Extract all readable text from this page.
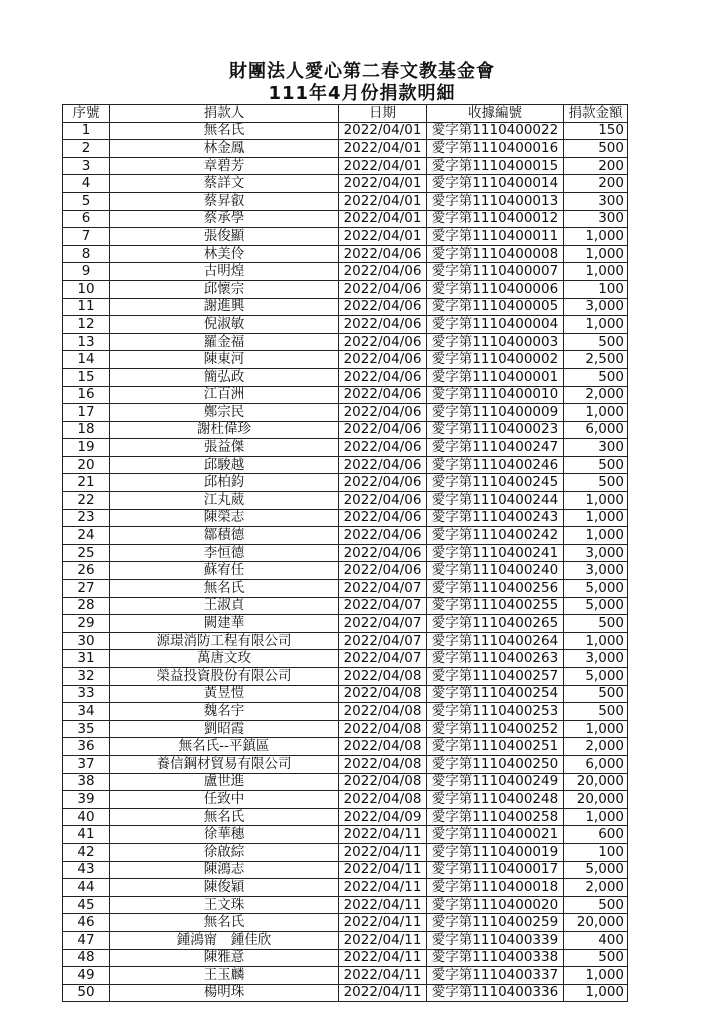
財團法人愛心第二春文教基金會
111年4月份捐款明細
序號	捐款人	日期	收據編號	捐款金額
1	無名氏	2022/04/01	愛字第1110400022	150
2	林金鳳	2022/04/01	愛字第1110400016	500
3	章碧芳	2022/04/01	愛字第1110400015	200
4	蔡詳文	2022/04/01	愛字第1110400014	200
5	蔡昇叡	2022/04/01	愛字第1110400013	300
6	蔡承學	2022/04/01	愛字第1110400012	300
7	張俊顯	2022/04/01	愛字第1110400011	1,000
8	林美伶	2022/04/06	愛字第1110400008	1,000
9	古明煌	2022/04/06	愛字第1110400007	1,000
10	邱懷宗	2022/04/06	愛字第1110400006	100
11	謝進興	2022/04/06	愛字第1110400005	3,000
12	倪淑敏	2022/04/06	愛字第1110400004	1,000
13	羅金福	2022/04/06	愛字第1110400003	500
14	陳東河	2022/04/06	愛字第1110400002	2,500
15	簡弘政	2022/04/06	愛字第1110400001	500
16	江百洲	2022/04/06	愛字第1110400010	2,000
17	鄭宗民	2022/04/06	愛字第1110400009	1,000
18	謝杜偉珍	2022/04/06	愛字第1110400023	6,000
19	張益傑	2022/04/06	愛字第1110400247	300
20	邱駿越	2022/04/06	愛字第1110400246	500
21	邱柏鈞	2022/04/06	愛字第1110400245	500
22	江丸葳	2022/04/06	愛字第1110400244	1,000
23	陳榮志	2022/04/06	愛字第1110400243	1,000
24	鄒積德	2022/04/06	愛字第1110400242	1,000
25	李恒德	2022/04/06	愛字第1110400241	3,000
26	蘇宥任	2022/04/06	愛字第1110400240	3,000
27	無名氏	2022/04/07	愛字第1110400256	5,000
28	王淑貞	2022/04/07	愛字第1110400255	5,000
29	闕建華	2022/04/07	愛字第1110400265	500
30	源璟消防工程有限公司	2022/04/07	愛字第1110400264	1,000
31	萬唐文玫	2022/04/07	愛字第1110400263	3,000
32	榮益投資股份有限公司	2022/04/08	愛字第1110400257	5,000
33	黃昱愷	2022/04/08	愛字第1110400254	500
34	魏名宇	2022/04/08	愛字第1110400253	500
35	劉昭霞	2022/04/08	愛字第1110400252	1,000
36	無名氏--平鎮區	2022/04/08	愛字第1110400251	2,000
37	養信鋼材貿易有限公司	2022/04/08	愛字第1110400250	6,000
38	盧世進	2022/04/08	愛字第1110400249	20,000
39	任致中	2022/04/08	愛字第1110400248	20,000
40	無名氏	2022/04/09	愛字第1110400258	1,000
41	徐華穗	2022/04/11	愛字第1110400021	600
42	徐啟綜	2022/04/11	愛字第1110400019	100
43	陳鴻志	2022/04/11	愛字第1110400017	5,000
44	陳俊穎	2022/04/11	愛字第1110400018	2,000
45	王文珠	2022/04/11	愛字第1110400020	500
46	無名氏	2022/04/11	愛字第1110400259	20,000
47	鍾鴻甯　鍾佳欣	2022/04/11	愛字第1110400339	400
48	陳雅意	2022/04/11	愛字第1110400338	500
49	王玉麟	2022/04/11	愛字第1110400337	1,000
50	楊明珠	2022/04/11	愛字第1110400336	1,000
